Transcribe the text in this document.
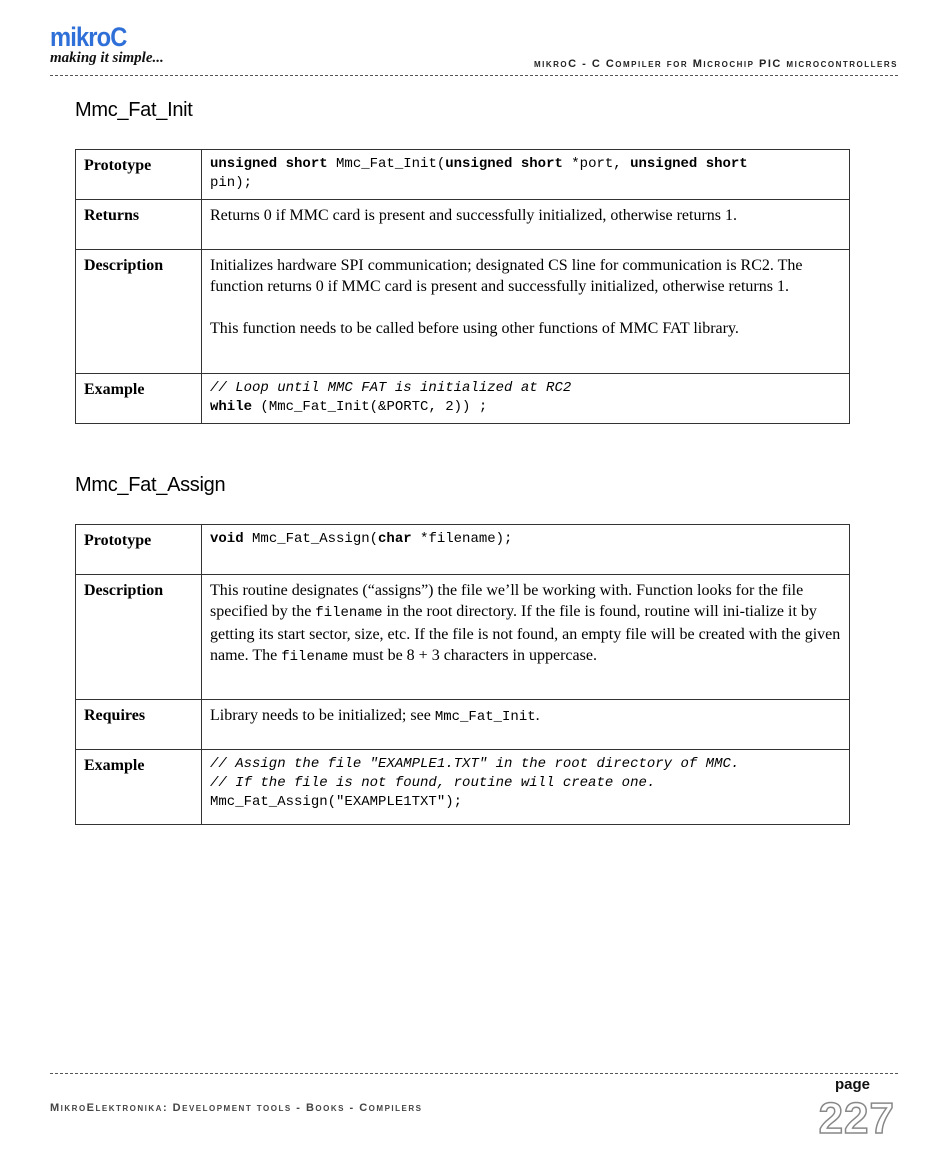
mikroC
making it simple...	mikroC - C Compiler for Microchip PIC microcontrollers
Mmc_Fat_Init
Prototype	unsigned short Mmc_Fat_Init(unsigned short *port, unsigned short
pin);

Returns	Returns 0 if MMC card is present and successfully initialized, otherwise returns 1.
Description	Initializes hardware SPI communication; designated CS line for communication is RC2. The function returns 0 if MMC card is present and successfully initialized, otherwise returns 1.

This function needs to be called before using other functions of MMC FAT library.

Example	// Loop until MMC FAT is initialized at RC2
while (Mmc_Fat_Init(&PORTC, 2)) ;
Mmc_Fat_Assign
Prototype	void Mmc_Fat_Assign(char *filename);

Description	This routine designates (“assigns”) the file we’ll be working with. Function looks for the file specified by the filename in the root directory. If the file is found, routine will ini-tialize it by getting its start sector, size, etc. If the file is not found, an empty file will be created with the given name. The filename must be 8 + 3 characters in uppercase.
Requires	Library needs to be initialized; see Mmc_Fat_Init.
Example	// Assign the file "EXAMPLE1.TXT" in the root directory of MMC.
// If the file is not found, routine will create one.
Mmc_Fat_Assign("EXAMPLE1TXT");
MikroElektronika: Development tools - Books - Compilers
page
227
